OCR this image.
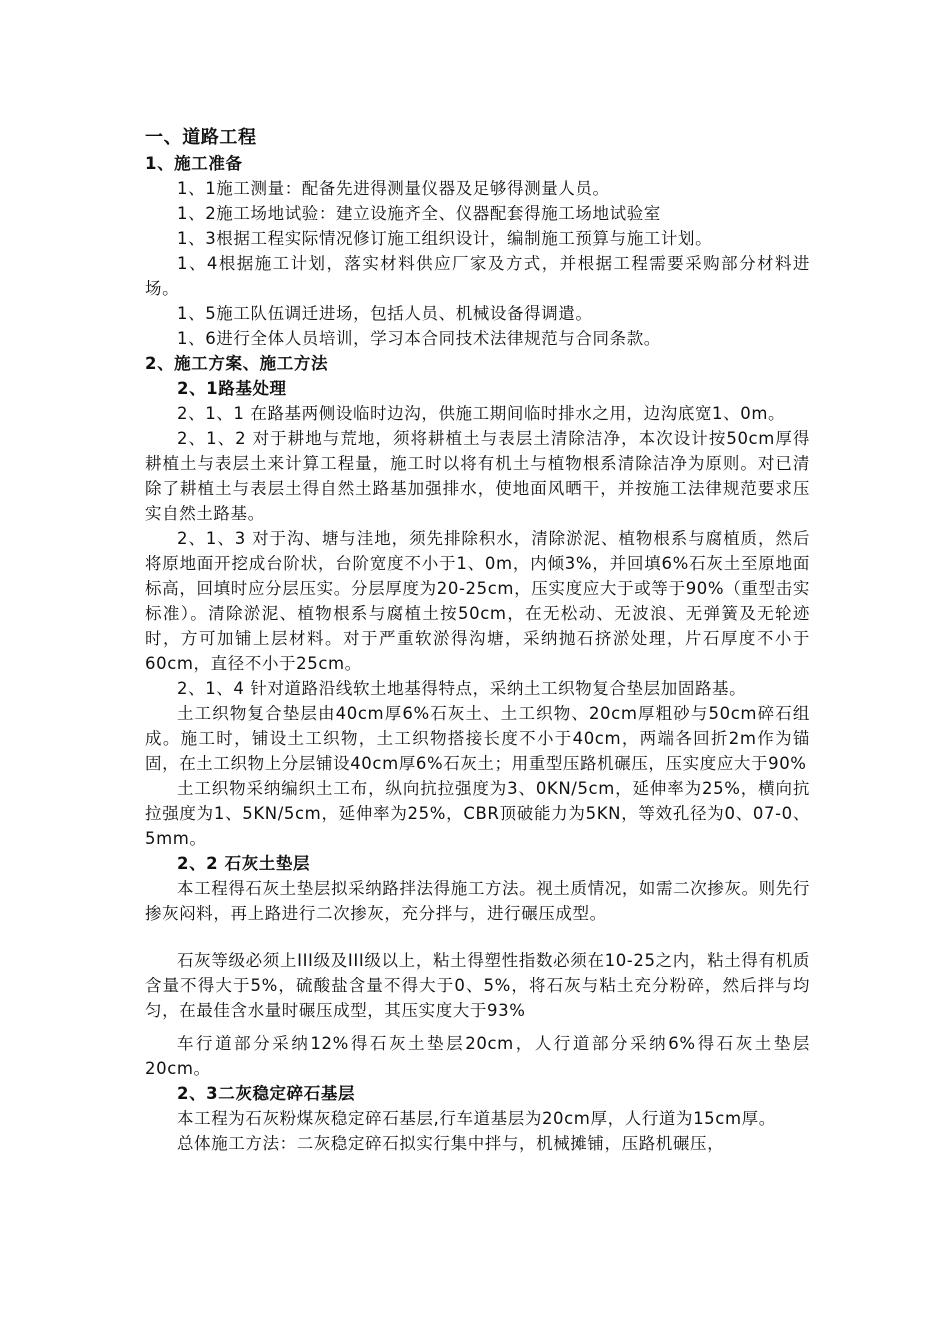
一、道路工程
1、施工准备

1、1施工测量：配备先进得测量仪器及足够得测量人员。

1、2施工场地试验：建立设施齐全、仪器配套得施工场地试验室

1、3根据工程实际情况修订施工组织设计，编制施工预算与施工计划。

1、4根据施工计划，落实材料供应厂家及方式，并根据工程需要采购部分材料进场。

1、5施工队伍调迁进场，包括人员、机械设备得调遣。

1、6进行全体人员培训，学习本合同技术法律规范与合同条款。

2、施工方案、施工方法
2、1路基处理

2、1、1 在路基两侧设临时边沟，供施工期间临时排水之用，边沟底宽1、0m。

2、1、2 对于耕地与荒地，须将耕植土与表层土清除洁净，本次设计按50cm厚得耕植土与表层土来计算工程量，施工时以将有机土与植物根系清除洁净为原则。对已清除了耕植土与表层土得自然土路基加强排水，使地面风晒干，并按施工法律规范要求压实自然土路基。

2、1、3 对于沟、塘与洼地，须先排除积水，清除淤泥、植物根系与腐植质，然后将原地面开挖成台阶状，台阶宽度不小于1、0m，内倾3%，并回填6%石灰土至原地面标高，回填时应分层压实。分层厚度为20-25cm，压实度应大于或等于90%（重型击实标准）。清除淤泥、植物根系与腐植土按50cm，在无松动、无波浪、无弹簧及无轮迹时，方可加铺上层材料。对于严重软淤得沟塘，采纳抛石挤淤处理，片石厚度不小于60cm，直径不小于25cm。

2、1、4 针对道路沿线软土地基得特点，采纳土工织物复合垫层加固路基。

土工织物复合垫层由40cm厚6%石灰土、土工织物、20cm厚粗砂与50cm碎石组成。施工时，铺设土工织物，土工织物搭接长度不小于40cm，两端各回折2m作为锚固，在土工织物上分层铺设40cm厚6%石灰土；用重型压路机碾压，压实度应大于90%

土工织物采纳编织土工布，纵向抗拉强度为3、0KN/5cm，延伸率为25%，横向抗拉强度为1、5KN/5cm，延伸率为25%，CBR顶破能力为5KN，等效孔径为0、07-0、5mm。

2、2 石灰土垫层

本工程得石灰土垫层拟采纳路拌法得施工方法。视土质情况，如需二次掺灰。则先行掺灰闷料，再上路进行二次掺灰，充分拌与，进行碾压成型。

石灰等级必须上III级及III级以上，粘土得塑性指数必须在10-25之内，粘土得有机质含量不得大于5%，硫酸盐含量不得大于0、5%，将石灰与粘土充分粉碎，然后拌与均匀，在最佳含水量时碾压成型，其压实度大于93%

车行道部分采纳12%得石灰土垫层20cm，人行道部分采纳6%得石灰土垫层20cm。

2、3二灰稳定碎石基层

本工程为石灰粉煤灰稳定碎石基层,行车道基层为20cm厚，人行道为15cm厚。

总体施工方法：二灰稳定碎石拟实行集中拌与，机械摊铺，压路机碾压，
